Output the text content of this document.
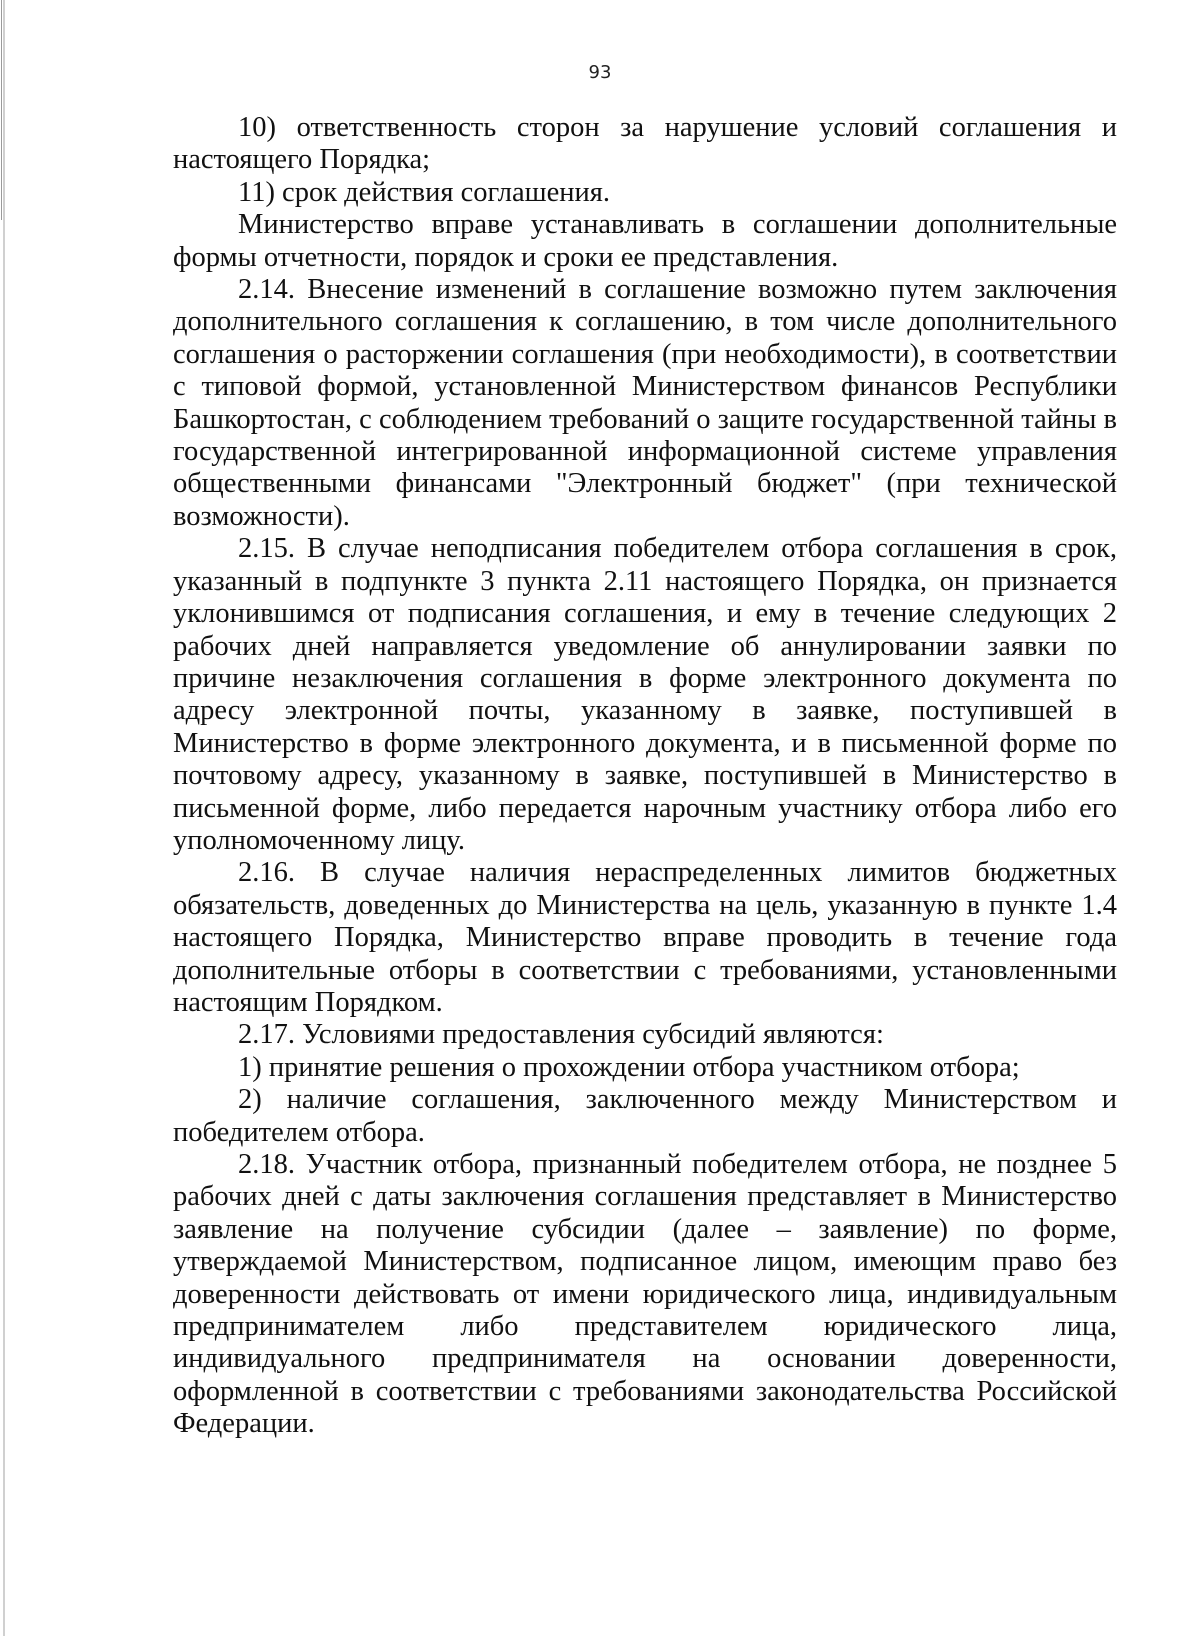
93

10) ответственность сторон за нарушение условий соглашения и настоящего Порядка;

11) срок действия соглашения.

Министерство вправе устанавливать в соглашении дополнительные формы отчетности, порядок и сроки ее представления.

2.14. Внесение изменений в соглашение возможно путем заключения дополнительного соглашения к соглашению, в том числе дополнительного соглашения о расторжении соглашения (при необходимости), в соответствии с типовой формой, установленной Министерством финансов Республики Башкортостан, с соблюдением требований о защите государственной тайны в государственной интегрированной информационной системе управления общественными финансами "Электронный бюджет" (при технической возможности).

2.15. В случае неподписания победителем отбора соглашения в срок, указанный в подпункте 3 пункта 2.11 настоящего Порядка, он признается уклонившимся от подписания соглашения, и ему в течение следующих 2 рабочих дней направляется уведомление об аннулировании заявки по причине незаключения соглашения в форме электронного документа по адресу электронной почты, указанному в заявке, поступившей в Министерство в форме электронного документа, и в письменной форме по почтовому адресу, указанному в заявке, поступившей в Министерство в письменной форме, либо передается нарочным участнику отбора либо его уполномоченному лицу.

2.16. В случае наличия нераспределенных лимитов бюджетных обязательств, доведенных до Министерства на цель, указанную в пункте 1.4 настоящего Порядка, Министерство вправе проводить в течение года дополнительные отборы в соответствии с требованиями, установленными настоящим Порядком.

2.17. Условиями предоставления субсидий являются:

1) принятие решения о прохождении отбора участником отбора;

2) наличие соглашения, заключенного между Министерством и победителем отбора.

2.18. Участник отбора, признанный победителем отбора, не позднее 5 рабочих дней с даты заключения соглашения представляет в Министерство заявление на получение субсидии (далее – заявление) по форме, утверждаемой Министерством, подписанное лицом, имеющим право без доверенности действовать от имени юридического лица, индивидуальным предпринимателем либо представителем юридического лица, индивидуального предпринимателя на основании доверенности, оформленной в соответствии с требованиями законодательства Российской Федерации.
